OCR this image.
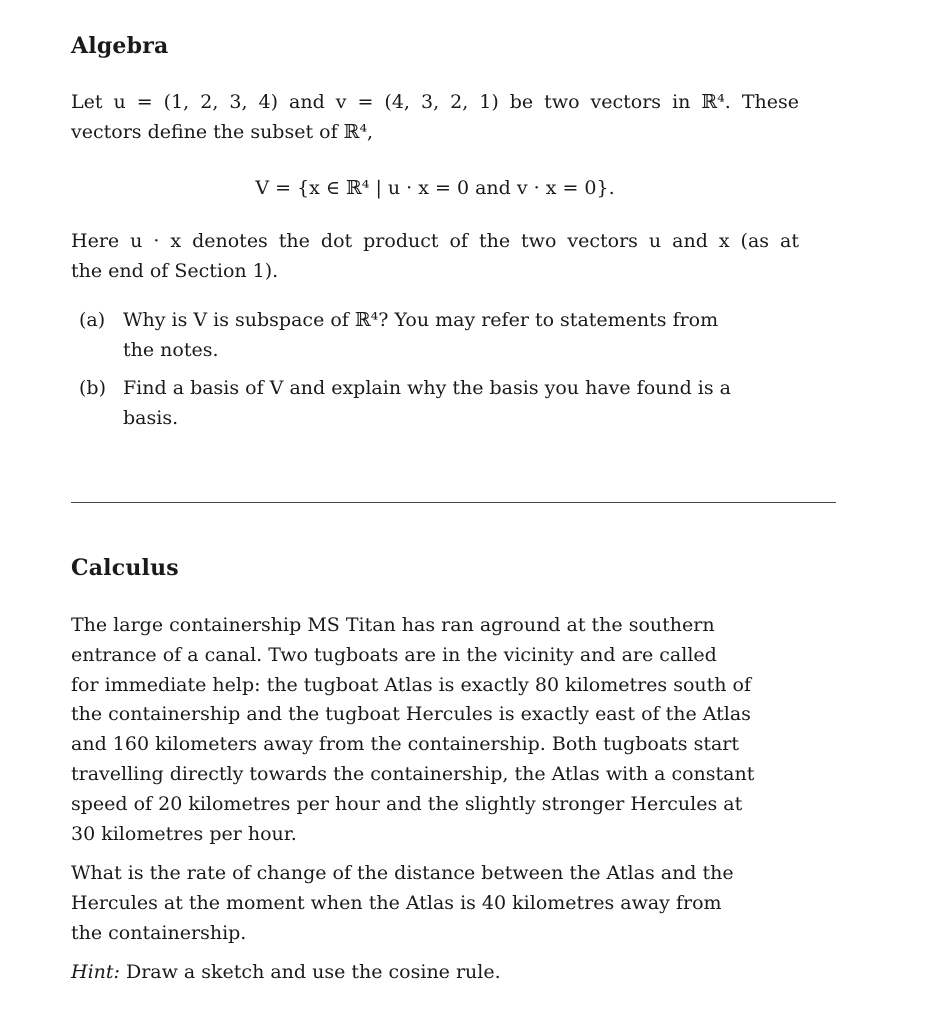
Algebra
Let u = (1, 2, 3, 4) and v = (4, 3, 2, 1) be two vectors in ℝ⁴. These
vectors define the subset of ℝ⁴,
V = {x ∈ ℝ⁴ | u · x = 0 and v · x = 0}.
Here u · x denotes the dot product of the two vectors u and x (as at
the end of Section 1).
(a) Why is V is subspace of ℝ⁴? You may refer to statements from
the notes.
(b) Find a basis of V and explain why the basis you have found is a
basis.
Calculus
The large containership MS Titan has ran aground at the southern
entrance of a canal. Two tugboats are in the vicinity and are called
for immediate help: the tugboat Atlas is exactly 80 kilometres south of
the containership and the tugboat Hercules is exactly east of the Atlas
and 160 kilometers away from the containership. Both tugboats start
travelling directly towards the containership, the Atlas with a constant
speed of 20 kilometres per hour and the slightly stronger Hercules at
30 kilometres per hour.
What is the rate of change of the distance between the Atlas and the
Hercules at the moment when the Atlas is 40 kilometres away from
the containership.
Hint: Draw a sketch and use the cosine rule.
